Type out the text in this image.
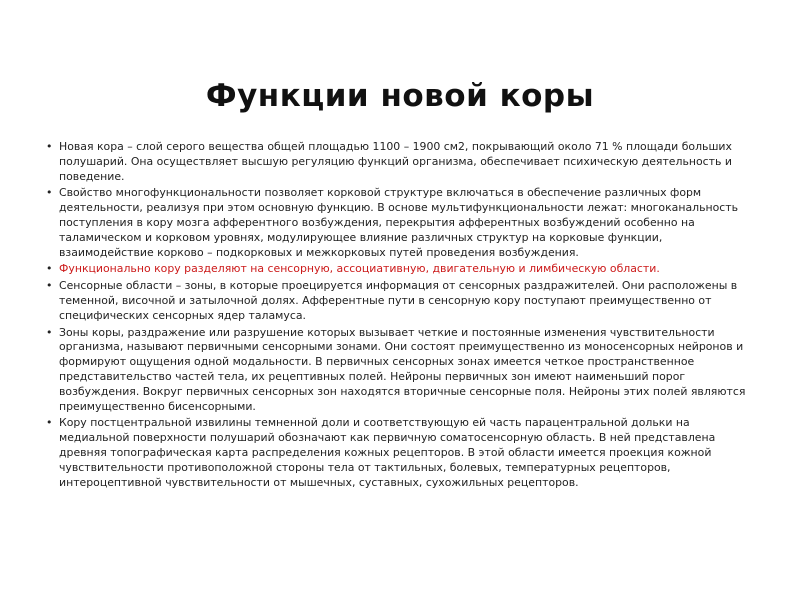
Функции новой коры
• Новая кора – слой серого вещества общей площадью 1100 – 1900 см2, покрывающий около 71 % площади больших полушарий. Она осуществляет высшую регуляцию функций организма, обеспечивает психическую деятельность и поведение.
• Свойство многофункциональности позволяет корковой структуре включаться в обеспечение различных форм деятельности, реализуя при этом основную функцию. В основе мультифункциональности лежат: многоканальность поступления в кору мозга афферентного возбуждения, перекрытия афферентных возбуждений особенно на таламическом и корковом уровнях, модулирующее влияние различных структур на корковые функции, взаимодействие корково – подкорковых и межкорковых путей проведения возбуждения.
• Функционально кору разделяют на сенсорную, ассоциативную, двигательную и лимбическую области.
• Сенсорные области – зоны, в которые проецируется информация от сенсорных раздражителей. Они расположены в теменной, височной и затылочной долях. Афферентные пути в сенсорную кору поступают преимущественно от специфических сенсорных ядер таламуса.
• Зоны коры, раздражение или разрушение которых вызывает четкие и постоянные изменения чувствительности организма, называют первичными сенсорными зонами. Они состоят преимущественно из моносенсорных нейронов и формируют ощущения одной модальности. В первичных сенсорных зонах имеется четкое пространственное представительство частей тела, их рецептивных полей. Нейроны первичных зон имеют наименьший порог возбуждения. Вокруг первичных сенсорных зон находятся вторичные сенсорные поля. Нейроны этих полей являются преимущественно бисенсорными.
• Кору постцентральной извилины темненной доли и соответствующую ей часть парацентральной дольки на медиальной поверхности полушарий обозначают как первичную соматосенсорную область. В ней представлена древняя топографическая карта распределения кожных рецепторов. В этой области имеется проекция кожной чувствительности противоположной стороны тела от тактильных, болевых, температурных рецепторов, интероцептивной чувствительности от мышечных, суставных, сухожильных рецепторов.
